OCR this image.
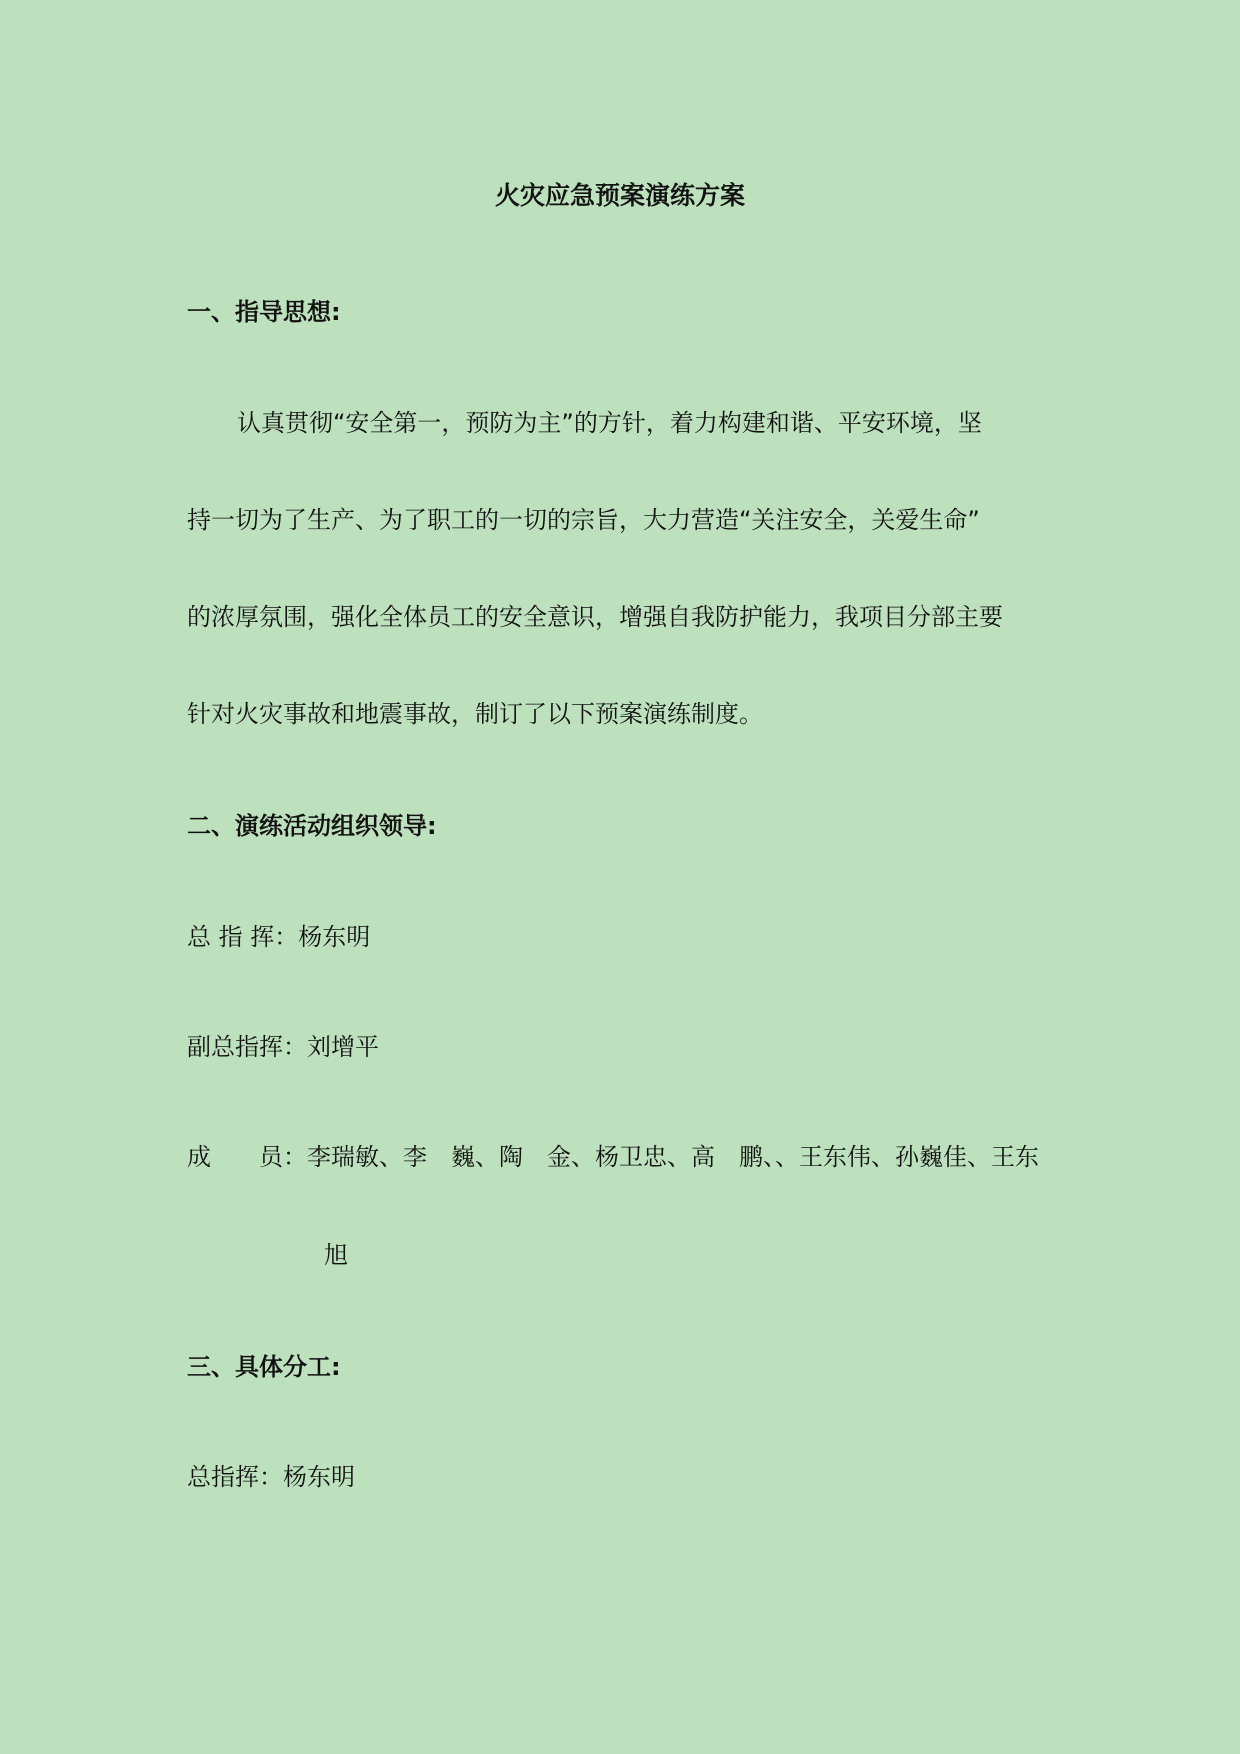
火灾应急预案演练方案
一、指导思想:
认真贯彻“安全第一，预防为主”的方针，着力构建和谐、平安环境，坚
持一切为了生产、为了职工的一切的宗旨，大力营造“关注安全，关爱生命”
的浓厚氛围，强化全体员工的安全意识，增强自我防护能力，我项目分部主要
针对火灾事故和地震事故，制订了以下预案演练制度。
二、演练活动组织领导:
总 指 挥：杨东明
副总指挥：刘增平
成　　员：李瑞敏、李　巍、陶　金、杨卫忠、高　鹏、、王东伟、孙巍佳、王东
旭
三、具体分工:
总指挥：杨东明
